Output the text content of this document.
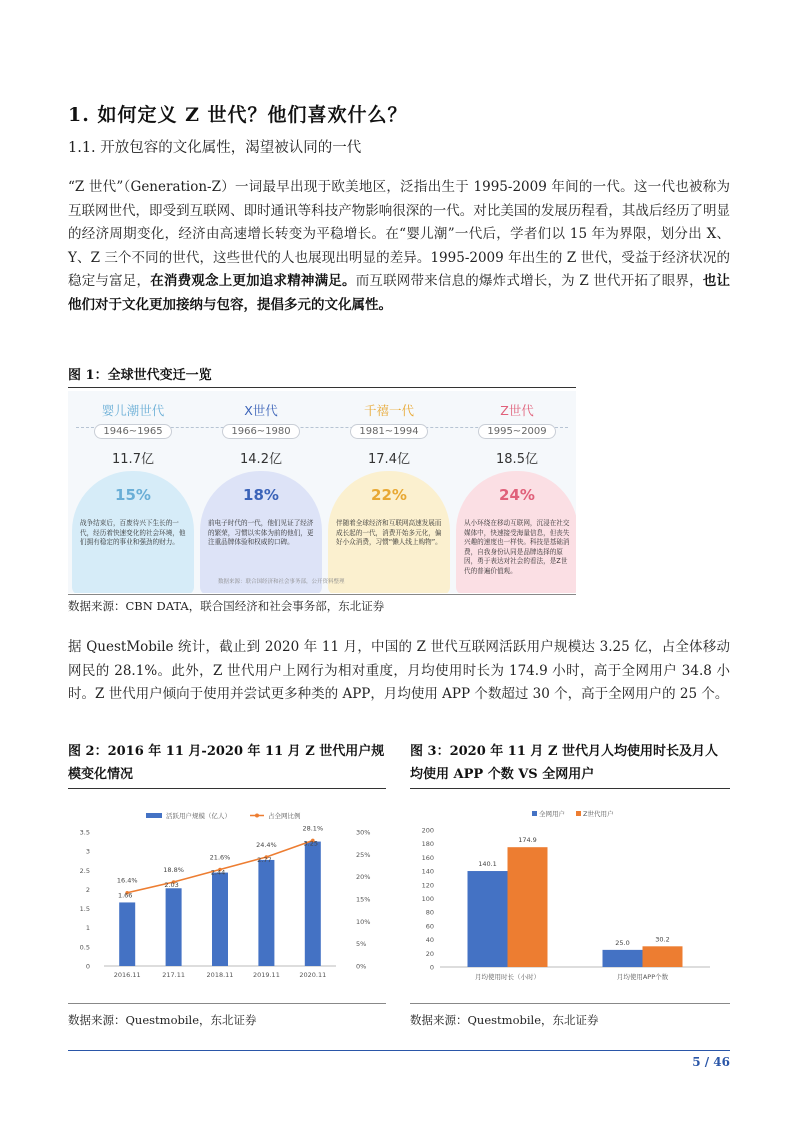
1. 如何定义 Z 世代？他们喜欢什么？
1.1. 开放包容的文化属性，渴望被认同的一代
“Z 世代”（Generation-Z）一词最早出现于欧美地区，泛指出生于 1995-2009 年间的一代。这一代也被称为互联网世代，即受到互联网、即时通讯等科技产物影响很深的一代。对比美国的发展历程看，其战后经历了明显的经济周期变化，经济由高速增长转变为平稳增长。在“婴儿潮”一代后，学者们以 15 年为界限，划分出 X、Y、Z 三个不同的世代，这些世代的人也展现出明显的差异。1995-2009 年出生的 Z 世代，受益于经济状况的稳定与富足，在消费观念上更加追求精神满足。而互联网带来信息的爆炸式增长，为 Z 世代开拓了眼界，也让他们对于文化更加接纳与包容，提倡多元的文化属性。
图 1：全球世代变迁一览
婴儿潮世代
1946~1965
11.7亿
15%
战争结束后，百废待兴下生长的一代，经历着快速变化的社会环境，他们拥有稳定的事业和强劲的财力。
X世代
1966~1980
14.2亿
18%
前电子时代的一代，他们见证了经济的繁荣，习惯以实体为前的他们，更注重品牌体验和权威的口碑。
千禧一代
1981~1994
17.4亿
22%
伴随着全球经济和互联网高速发展而成长起的一代，消费开始多元化，偏好小众消费，习惯“懒人线上购物”。
Z世代
1995~2009
18.5亿
24%
从小环绕在移动互联网，沉浸在社交媒体中，快速接受海量信息，但丧失兴趣的速度也一样快。科技是基础消费，自我身份认同是品牌选择的原因，勇于表达对社会的看法，是Z世代的普遍价值观。
数据来源：联合国经济和社会事务部，公开资料整理
数据来源：CBN DATA，联合国经济和社会事务部，东北证券
据 QuestMobile 统计，截止到 2020 年 11 月，中国的 Z 世代互联网活跃用户规模达 3.25 亿，占全体移动网民的 28.1%。此外，Z 世代用户上网行为相对重度，月均使用时长为 174.9 小时，高于全网用户 34.8 小时。Z 世代用户倾向于使用并尝试更多种类的 APP，月均使用 APP 个数超过 30 个，高于全网用户的 25 个。
图 2：2016 年 11 月-2020 年 11 月 Z 世代用户规模变化情况
图 3：2020 年 11 月 Z 世代月人均使用时长及月人均使用 APP 个数 VS 全网用户
活跃用户规模（亿人）	占全网比例
0
0.5
1
1.5
2
2.5
3
3.5
0%
5%
10%
15%
20%
25%
30%
2016.11	217.11	2018.11	2019.11	2020.11
16.4%
1.66
18.8%
2.03
21.6%
2.44
24.4%
2.77
28.1%
3.25
数据来源：Questmobile，东北证券
全网用户	Z世代用户
0
20
40
60
80
100
120
140
160
180
200
140.1
174.9
月均使用时长（小时）
25.0	30.2
月均使用APP个数
数据来源：Questmobile，东北证券
5 / 46
